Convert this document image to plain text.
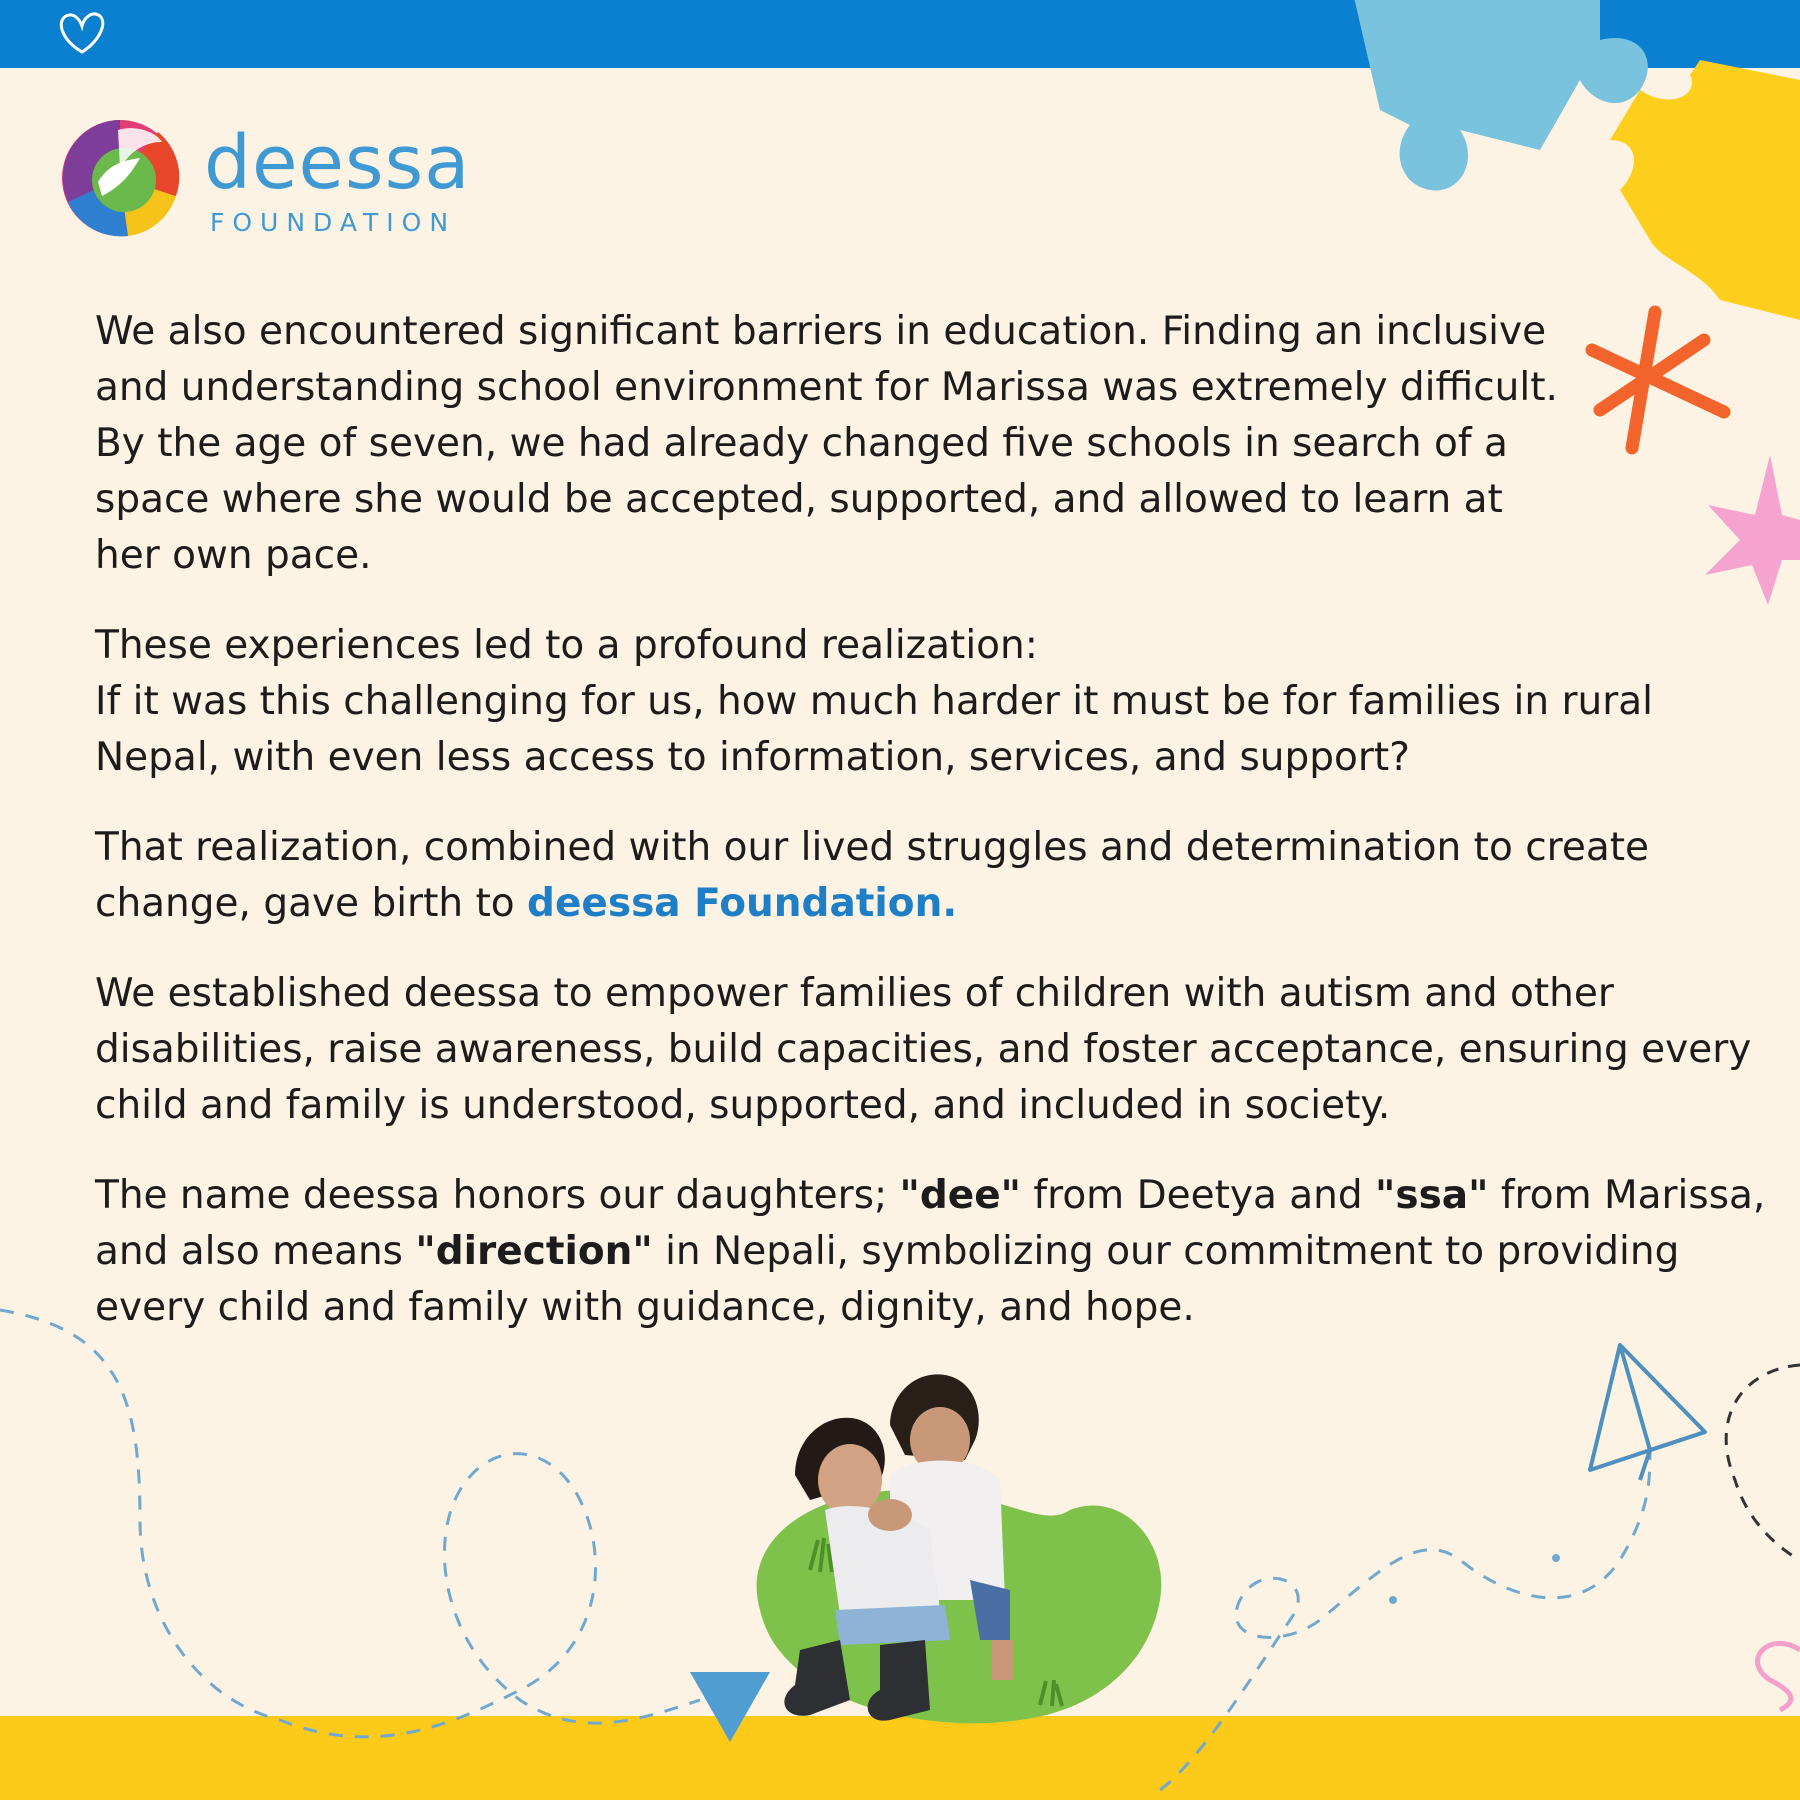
deessa
FOUNDATION
We also encountered significant barriers in education. Finding an inclusive
and understanding school environment for Marissa was extremely difficult.
By the age of seven, we had already changed five schools in search of a
space where she would be accepted, supported, and allowed to learn at
her own pace.
These experiences led to a profound realization:
If it was this challenging for us, how much harder it must be for families in rural
Nepal, with even less access to information, services, and support?
That realization, combined with our lived struggles and determination to create
change, gave birth to deessa Foundation.
We established deessa to empower families of children with autism and other
disabilities, raise awareness, build capacities, and foster acceptance, ensuring every
child and family is understood, supported, and included in society.
The name deessa honors our daughters; "dee" from Deetya and "ssa" from Marissa,
and also means "direction" in Nepali, symbolizing our commitment to providing
every child and family with guidance, dignity, and hope.
